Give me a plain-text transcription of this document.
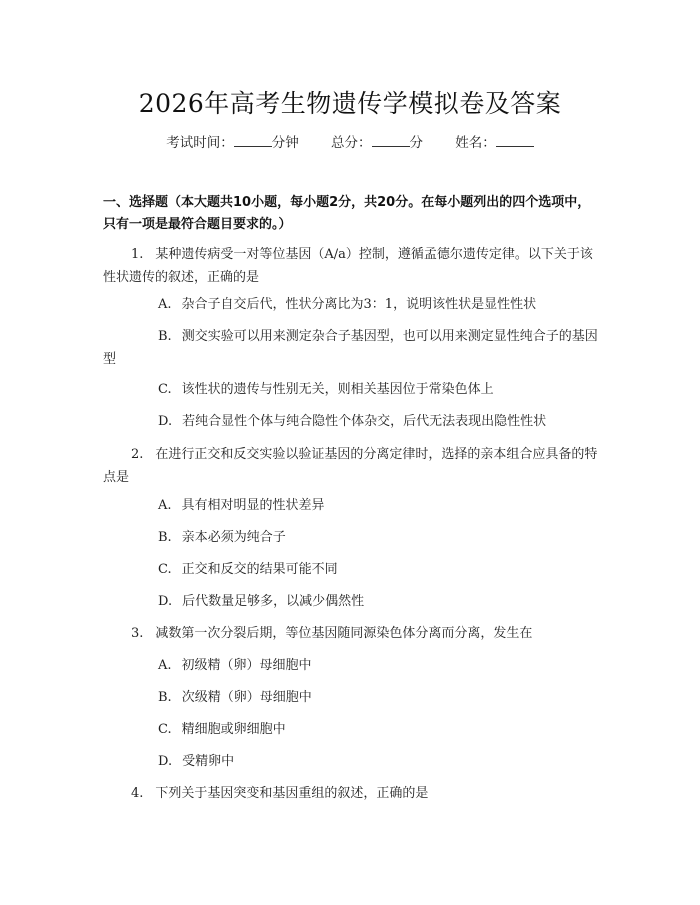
2026年高考生物遗传学模拟卷及答案
考试时间：	分钟 总分：	分 姓名：
一、选择题（本大题共10小题，每小题2分，共20分。在每小题列出的四个选项中，只有一项是最符合题目要求的。）
1. 某种遗传病受一对等位基因（A/a）控制，遵循孟德尔遗传定律。以下关于该性状遗传的叙述，正确的是
A. 杂合子自交后代，性状分离比为3：1，说明该性状是显性性状
B. 测交实验可以用来测定杂合子基因型，也可以用来测定显性纯合子的基因型
C. 该性状的遗传与性别无关，则相关基因位于常染色体上
D. 若纯合显性个体与纯合隐性个体杂交，后代无法表现出隐性性状
2. 在进行正交和反交实验以验证基因的分离定律时，选择的亲本组合应具备的特点是
A. 具有相对明显的性状差异
B. 亲本必须为纯合子
C. 正交和反交的结果可能不同
D. 后代数量足够多，以减少偶然性
3. 减数第一次分裂后期，等位基因随同源染色体分离而分离，发生在
A. 初级精（卵）母细胞中
B. 次级精（卵）母细胞中
C. 精细胞或卵细胞中
D. 受精卵中
4. 下列关于基因突变和基因重组的叙述，正确的是
